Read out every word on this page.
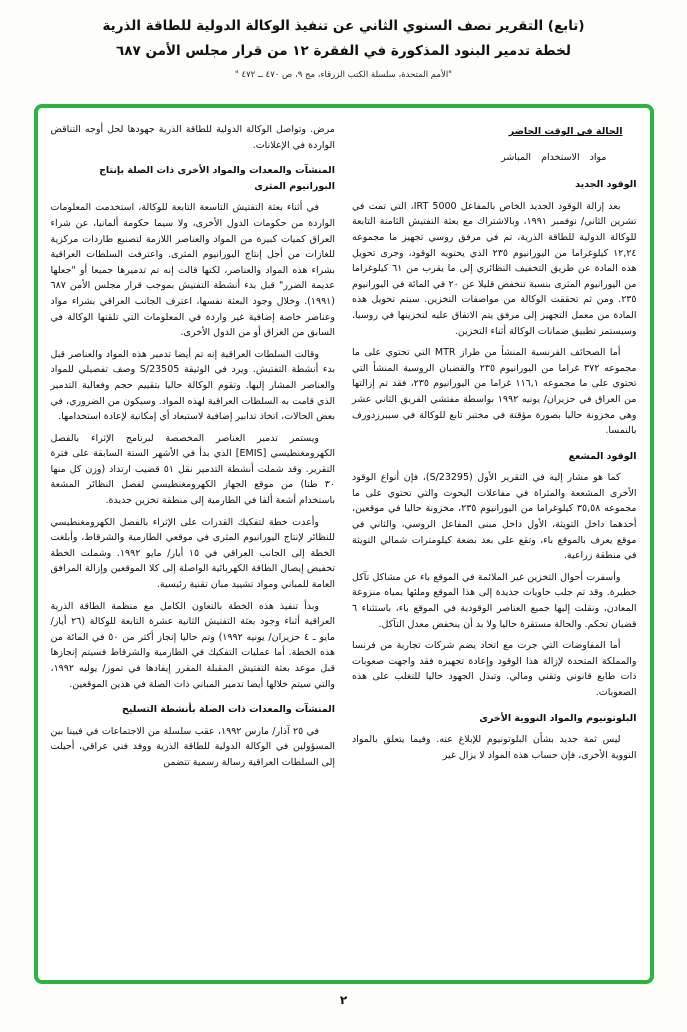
(تابع) التقرير نصف السنوي الثاني عن تنفيذ الوكالة الدولية للطاقة الذرية
لخطة تدمير البنود المذكورة في الفقرة ١٢ من قرار مجلس الأمن ٦٨٧
"الأمم المتحدة، سلسلة الكتب الزرقاء، مج ٩، ص ٤٧٠ ــ ٤٧٢ "
الحالة في الوقت الحاضر
مواد الاستخدام المباشر
الوقود الجديد

بعد إزالة الوقود الجديد الخاص بالمفاعل IRT 5000، التي تمت في تشرين الثاني/ نوفمبر ١٩٩١، وبالاشتراك مع بعثة التفتيش الثامنة التابعة للوكالة الدولية للطاقة الذرية، تم في مرفق روسي تجهيز ما مجموعه ١٢,٢٤ كيلوغراما من اليورانيوم ٢٣٥ الذي يحتويه الوقود، وجرى تحويل هذه المادة عن طريق التخفيف النظائري إلى ما يقرب من ٦١ كيلوغراما من اليورانيوم المثرى بنسبة تنخفض قليلا عن ٢٠ في المائة في اليورانيوم ٢٣٥. ومن ثم تحققت الوكالة من مواصفات التخزين. سيتم تحويل هذه المادة من معمل التجهيز إلى مرفق يتم الاتفاق عليه لتخزينها في روسيا. وسيستمر تطبيق ضمانات الوكالة أثناء التخزين.

أما الصحائف الفرنسية المنشأ من طراز MTR التي تحتوي على ما مجموعه ٣٧٢ غراما من اليورانيوم ٢٣٥ والقضبان الروسية المنشأ التي تحتوي على ما مجموعه ١١٦,١ غراما من اليورانيوم ٢٣٥، فقد تم إزالتها من العراق في حزيران/ يونيه ١٩٩٢ بواسطة مفتشي الفريق الثاني عشر وهي مخزونة حاليا بصورة مؤقتة في مختبر تابع للوكالة في سيبرزدورف بالنمسا.

الوقود المشعع

كما هو مشار إليه في التقرير الأول (S/23295)، فإن أنواع الوقود الأخرى المشععة والمثراة في مفاعلات البحوث والتي تحتوي على ما مجموعه ٣٥,٥٨ كيلوغراما من اليورانيوم ٢٣٥، مخزونة حاليا في موقعين، أحدهما داخل التويثة، الأول داخل مبنى المفاعل الروسي، والثاني في موقع يعرف بالموقع باء، وتقع على بعد بضعة كيلومترات شمالي التويثة في منطقة زراعية.

وأسفرت أحوال التخزين غير الملائمة في الموقع باء عن مشاكل تآكل خطيرة. وقد تم جلب حاويات جديدة إلى هذا الموقع وملئها بمياه منزوعة المعادن، ونقلت إليها جميع العناصر الوقودية في الموقع باء، باستثناء ٦ قضبان تحكم. والحالة مستقرة حاليا ولا بد أن ينخفض معدل التآكل.

أما المفاوضات التي جرت مع اتحاد يضم شركات تجارية من فرنسا والمملكة المتحدة لإزالة هذا الوقود وإعادة تجهيزه فقد واجهت صعوبات ذات طابع قانوني وتقني ومالي. وتبذل الجهود حاليا للتغلب على هذه الصعوبات.

البلوتونيوم والمواد النووية الأخرى

ليس ثمة جديد بشأن البلوتونيوم للإبلاغ عنه. وفيما يتعلق بالمواد النووية الأخرى، فإن حساب هذه المواد لا يزال غير

مرض. وتواصل الوكالة الدولية للطاقة الذرية جهودها لحل أوجه التناقض الواردة في الإعلانات.

المنشآت والمعدات والمواد الأخرى ذات الصلة بإنتاج البورانيوم المثرى

في أثناء بعثة التفتيش التاسعة التابعة للوكالة، استخدمت المعلومات الواردة من حكومات الدول الأخرى، ولا سيما حكومة ألمانيا، عن شراء العراق كميات كبيرة من المواد والعناصر اللازمة لتصنيع طاردات مركزية للغازات من أجل إنتاج اليورانيوم المثرى. واعترفت السلطات العراقية بشراء هذه المواد والعناصر، لكنها قالت إنه تم تدميرها جميعا أو "جعلها عديمة الضرر" قبل بدء أنشطة التفتيش بموجب قرار مجلس الأمن ٦٨٧ (١٩٩١). وخلال وجود البعثة نفسها، اعترف الجانب العراقي بشراء مواد وعناصر خاصة إضافية غير واردة في المعلومات التي تلقتها الوكالة في السابق من العراق أو من الدول الأخرى.

وقالت السلطات العراقية إنه تم أيضا تدمير هذه المواد والعناصر قبل بدء أنشطة التفتيش. ويرد في الوثيقة S/23505 وصف تفصيلي للمواد والعناصر المشار إليها. وتقوم الوكالة حاليا بتقييم حجم وفعالية التدمير الذي قامت به السلطات العراقية لهذه المواد. وسيكون من الضروري، في بعض الحالات، اتخاذ تدابير إضافية لاستبعاد أي إمكانية لإعادة استخدامها.

ويستمر تدمير العناصر المخصصة لبرنامج الإثراء بالفصل الكهرومغنطيسي [EMIS] الذي بدأ في الأشهر الستة السابقة على فترة التقرير. وقد شملت أنشطة التدمير نقل ٥١ قضيب ارتداد (وزن كل منها ٣٠ طنا) من موقع الجهاز الكهرومغنطيسي لفصل النظائر المشعة باستخدام أشعة ألفا في الطارمية إلى منطقة تخزين جديدة.

وأعدت خطة لتفكيك القدرات على الإثراء بالفصل الكهرومغنطيسي للنظائر لإنتاج اليورانيوم المثرى في موقعي الطارمية والشرقاط، وأبلغت الخطة إلى الجانب العراقي في ١٥ أيار/ مايو ١٩٩٢. وشملت الخطة تخفيض إيصال الطاقة الكهربائية الواصلة إلى كلا الموقعين وإزالة المرافق العامة للمباني ومواد تشييد مبان تقنية رئيسية.

وبدأ تنفيذ هذه الخطة بالتعاون الكامل مع منظمة الطاقة الذرية العراقية أثناء وجود بعثة التفتيش الثانية عشرة التابعة للوكالة (٢٦ أيار/ مايو ـ ٤ حزيران/ يونيه ١٩٩٢) وتم حاليا إنجاز أكثر من ٥٠ في المائة من هذه الخطة. أما عمليات التفكيك في الطارمية والشرقاط فسيتم إنجازها قبل موعد بعثة التفتيش المقبلة المقرر إيفادها في تموز/ يوليه ١٩٩٢، والتي سيتم خلالها أيضا تدمير المباني ذات الصلة في هذين الموقعين.

المنشآت والمعدات ذات الصلة بأنشطة التسليح

في ٢٥ آذار/ مارس ١٩٩٢، عقب سلسلة من الاجتماعات في فيينا بين المسؤولين في الوكالة الدولية للطاقة الذرية ووفد فني عراقي، أحيلت إلى السلطات العراقية رسالة رسمية تتضمن

٢
